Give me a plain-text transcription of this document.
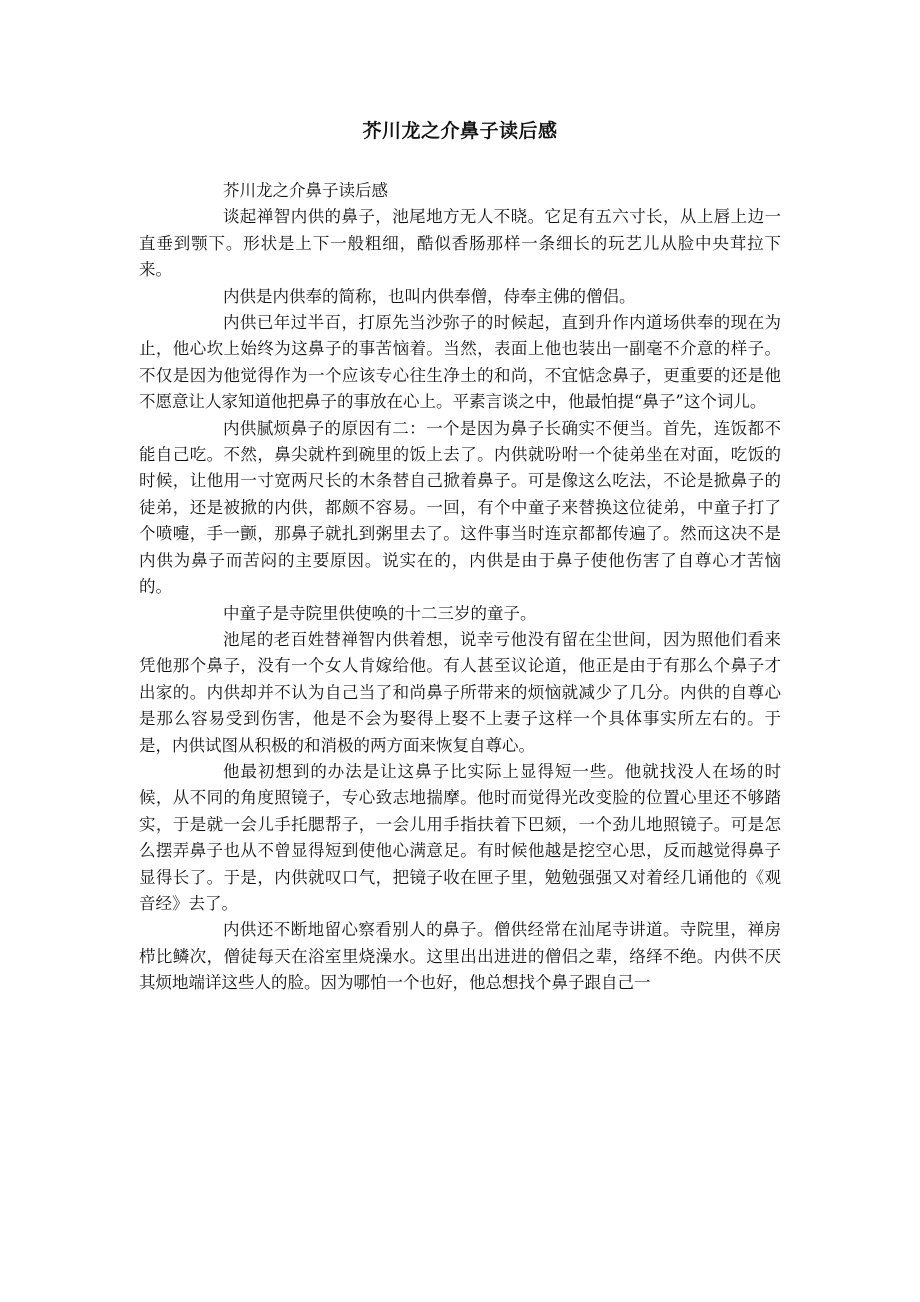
芥川龙之介鼻子读后感

芥川龙之介鼻子读后感

谈起禅智内供的鼻子，池尾地方无人不晓。它足有五六寸长，从上唇上边一直垂到颚下。形状是上下一般粗细，酷似香肠那样一条细长的玩艺儿从脸中央茸拉下来。

内供是内供奉的简称，也叫内供奉僧，侍奉主佛的僧侣。

内供已年过半百，打原先当沙弥子的时候起，直到升作内道场供奉的现在为止，他心坎上始终为这鼻子的事苦恼着。当然，表面上他也装出一副毫不介意的样子。不仅是因为他觉得作为一个应该专心往生净土的和尚，不宜惦念鼻子，更重要的还是他不愿意让人家知道他把鼻子的事放在心上。平素言谈之中，他最怕提“鼻子”这个词儿。

内供腻烦鼻子的原因有二：一个是因为鼻子长确实不便当。首先，连饭都不能自己吃。不然，鼻尖就杵到碗里的饭上去了。内供就吩咐一个徒弟坐在对面，吃饭的时候，让他用一寸宽两尺长的木条替自己掀着鼻子。可是像这么吃法，不论是掀鼻子的徒弟，还是被掀的内供，都颇不容易。一回，有个中童子来替换这位徒弟，中童子打了个喷嚏，手一颤，那鼻子就扎到粥里去了。这件事当时连京都都传遍了。然而这决不是内供为鼻子而苦闷的主要原因。说实在的，内供是由于鼻子使他伤害了自尊心才苦恼的。

中童子是寺院里供使唤的十二三岁的童子。

池尾的老百姓替禅智内供着想，说幸亏他没有留在尘世间，因为照他们看来凭他那个鼻子，没有一个女人肯嫁给他。有人甚至议论道，他正是由于有那么个鼻子才出家的。内供却并不认为自己当了和尚鼻子所带来的烦恼就减少了几分。内供的自尊心是那么容易受到伤害，他是不会为娶得上娶不上妻子这样一个具体事实所左右的。于是，内供试图从积极的和消极的两方面来恢复自尊心。

他最初想到的办法是让这鼻子比实际上显得短一些。他就找没人在场的时候，从不同的角度照镜子，专心致志地揣摩。他时而觉得光改变脸的位置心里还不够踏实，于是就一会儿手托腮帮子，一会儿用手指扶着下巴颏，一个劲儿地照镜子。可是怎么摆弄鼻子也从不曾显得短到使他心满意足。有时候他越是挖空心思，反而越觉得鼻子显得长了。于是，内供就叹口气，把镜子收在匣子里，勉勉强强又对着经几诵他的《观音经》去了。

内供还不断地留心察看别人的鼻子。僧供经常在汕尾寺讲道。寺院里，禅房栉比鳞次，僧徒每天在浴室里烧澡水。这里出出进进的僧侣之辈，络绎不绝。内供不厌其烦地端详这些人的脸。因为哪怕一个也好，他总想找个鼻子跟自己一
